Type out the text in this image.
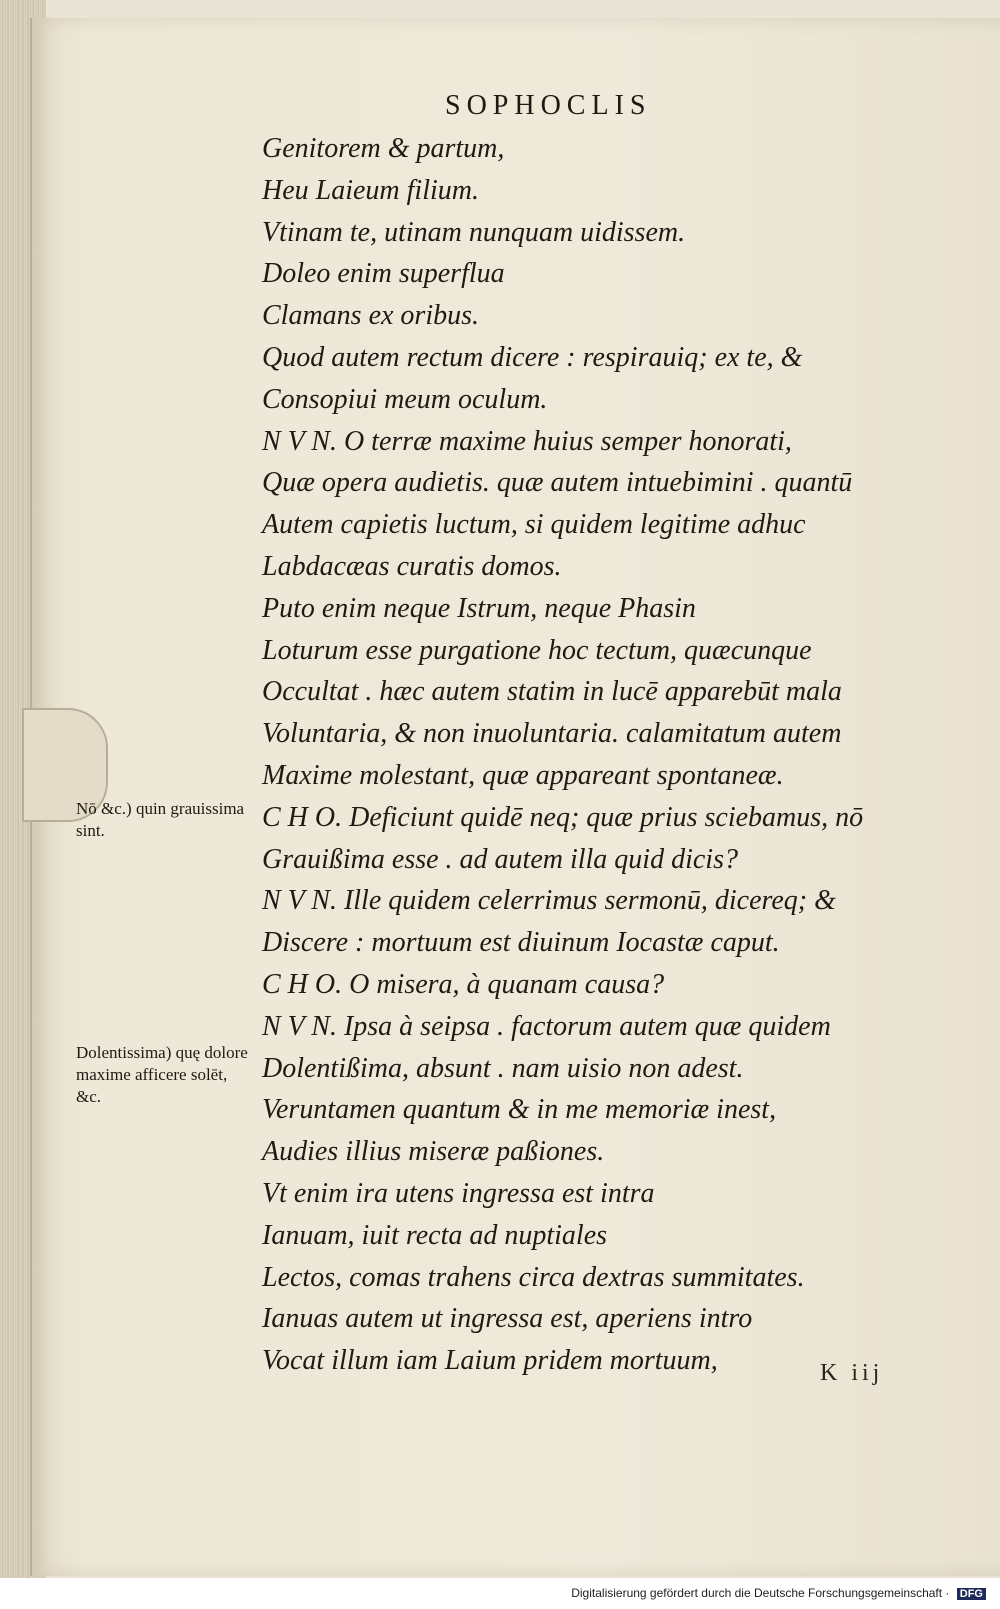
SOPHOCLIS
Genitorem & partum,
Heu Laieum filium.
Vtinam te, utinam nunquam uidissem.
Doleo enim superflua
Clamans ex oribus.
Quod autem rectum dicere : respirauiq; ex te, &
Consopiui meum oculum.
N V N. O terræ maxime huius semper honorati,
Quæ opera audietis. quæ autem intuebimini . quantū
Autem capietis luctum, si quidem legitime adhuc
Labdacæas curatis domos.
Puto enim neque Istrum, neque Phasin
Loturum esse purgatione hoc tectum, quæcunque
Occultat . hæc autem statim in lucē apparebūt mala
Voluntaria, & non inuoluntaria. calamitatum autem
Maxime molestant, quæ appareant spontaneæ.
C H O. Deficiunt quidē neq; quæ prius sciebamus, nō
Grauißima esse . ad autem illa quid dicis?
N V N. Ille quidem celerrimus sermonū, dicereq; &
Discere : mortuum est diuinum Iocastæ caput.
C H O. O misera, à quanam causa?
N V N. Ipsa à seipsa . factorum autem quæ quidem
Dolentißima, absunt . nam uisio non adest.
Veruntamen quantum & in me memoriæ inest,
Audies illius miseræ paßiones.
Vt enim ira utens ingressa est intra
Ianuam, iuit recta ad nuptiales
Lectos, comas trahens circa dextras summitates.
Ianuas autem ut ingressa est, aperiens intro
Vocat illum iam Laium pridem mortuum,
Nō &c.) quin grauissima sint.
Dolentissima) quę dolore maxime afficere solēt, &c.
K iij
Digitalisierung gefördert durch die Deutsche Forschungsgemeinschaft · DFG
